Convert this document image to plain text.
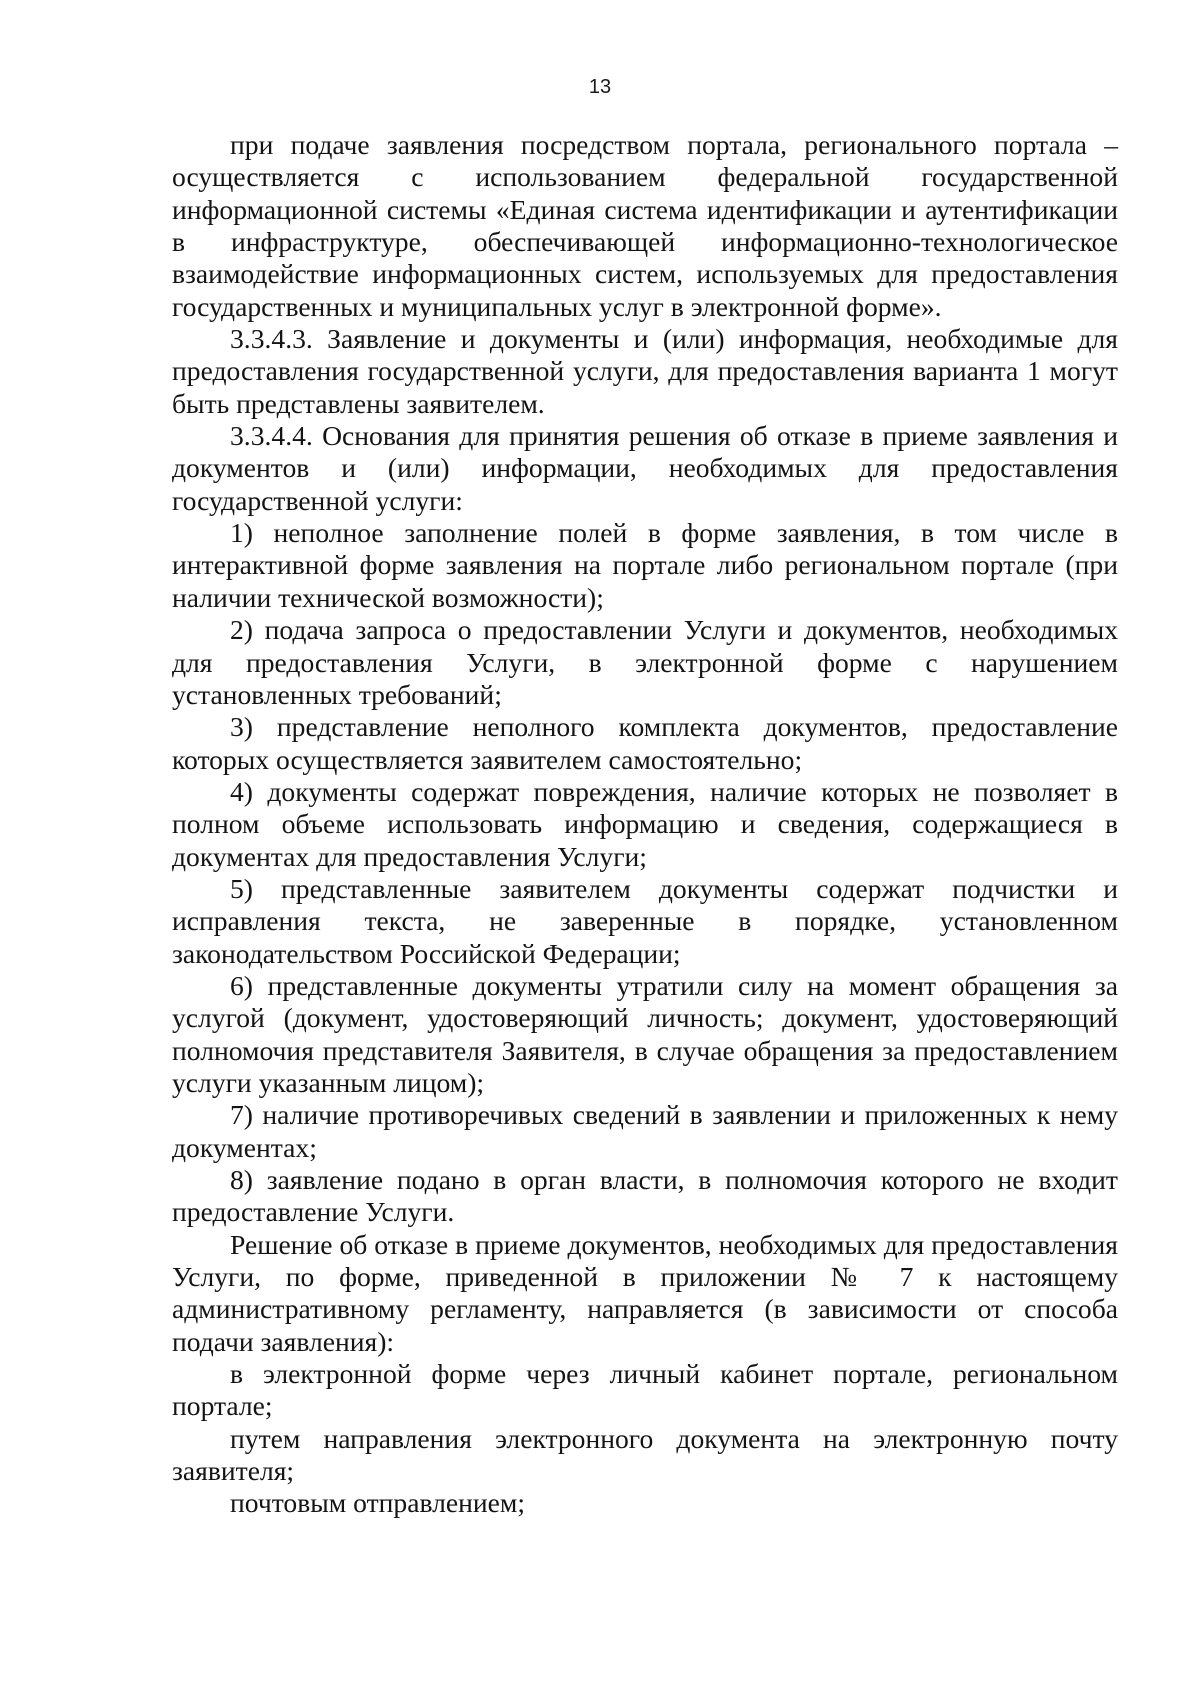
13

при подаче заявления посредством портала, регионального портала – осуществляется с использованием федеральной государственной информационной системы «Единая система идентификации и аутентификации в инфраструктуре, обеспечивающей информационно-технологическое взаимодействие информационных систем, используемых для предоставления государственных и муниципальных услуг в электронной форме».

3.3.4.3. Заявление и документы и (или) информация, необходимые для предоставления государственной услуги, для предоставления варианта 1 могут быть представлены заявителем.

3.3.4.4. Основания для принятия решения об отказе в приеме заявления и документов и (или) информации, необходимых для предоставления государственной услуги:

1) неполное заполнение полей в форме заявления, в том числе в интерактивной форме заявления на портале либо региональном портале (при наличии технической возможности);

2) подача запроса о предоставлении Услуги и документов, необходимых для предоставления Услуги, в электронной форме с нарушением установленных требований;

3) представление неполного комплекта документов, предоставление которых осуществляется заявителем самостоятельно;

4) документы содержат повреждения, наличие которых не позволяет в полном объеме использовать информацию и сведения, содержащиеся в документах для предоставления Услуги;

5) представленные заявителем документы содержат подчистки и исправления текста, не заверенные в порядке, установленном законодательством Российской Федерации;

6) представленные документы утратили силу на момент обращения за услугой (документ, удостоверяющий личность; документ, удостоверяющий полномочия представителя Заявителя, в случае обращения за предоставлением услуги указанным лицом);

7) наличие противоречивых сведений в заявлении и приложенных к нему документах;

8) заявление подано в орган власти, в полномочия которого не входит предоставление Услуги.

Решение об отказе в приеме документов, необходимых для предоставления Услуги, по форме, приведенной в приложении № 7 к настоящему административному регламенту, направляется (в зависимости от способа подачи заявления):

в электронной форме через личный кабинет портале, региональном портале;

путем направления электронного документа на электронную почту заявителя;

почтовым отправлением;
